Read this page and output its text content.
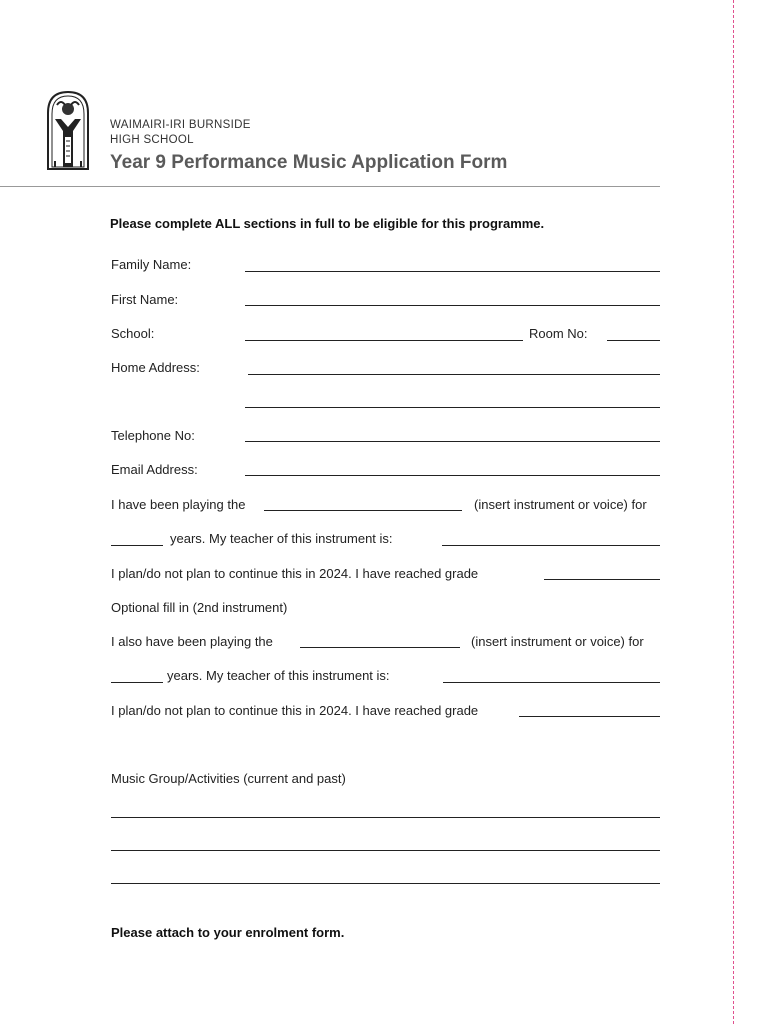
WAIMAIRI-IRI BURNSIDE
HIGH SCHOOL
Year 9 Performance Music Application Form
Please complete ALL sections in full to be eligible for this programme.
Family Name:
First Name:
School:	Room No:
Home Address:
Telephone No:
Email Address:
I have been playing the	(insert instrument or voice) for
years. My teacher of this instrument is:
I plan/do not plan to continue this in 2024. I have reached grade
Optional fill in (2nd instrument)
I also have been playing the	(insert instrument or voice) for
years. My teacher of this instrument is:
I plan/do not plan to continue this in 2024. I have reached grade
Music Group/Activities (current and past)
Please attach to your enrolment form.
